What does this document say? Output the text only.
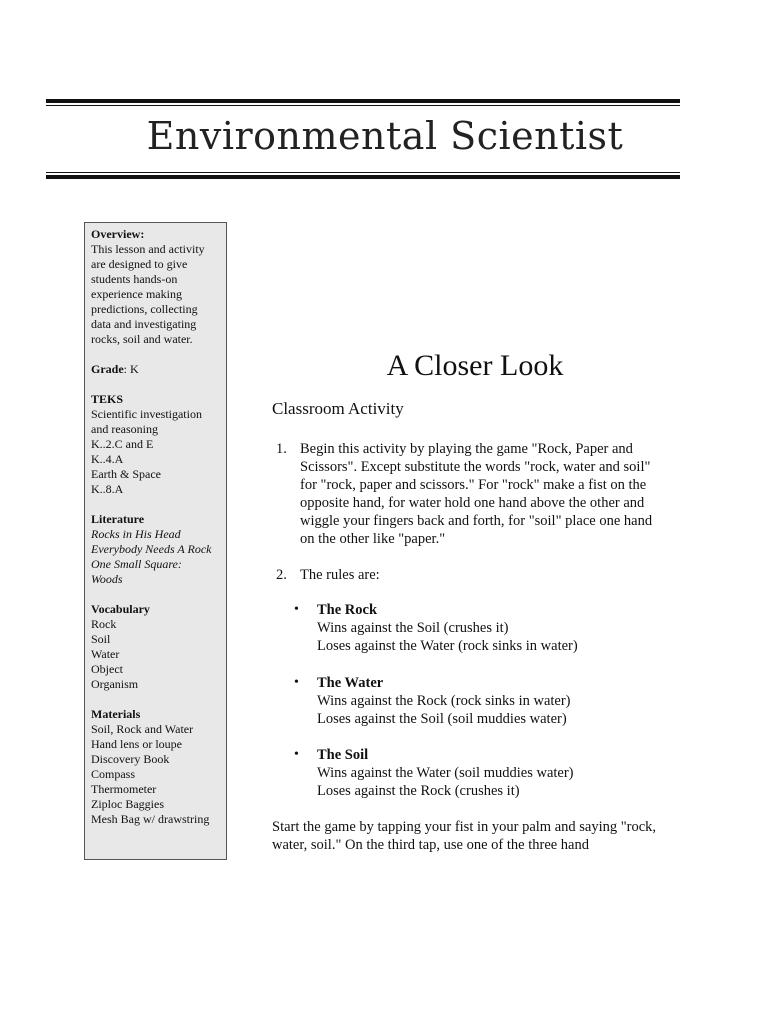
Environmental Scientist
Overview:
This lesson and activity
are designed to give
students hands-on
experience making
predictions, collecting
data and investigating
rocks, soil and water.
Grade: K
TEKS
Scientific investigation
and reasoning
K..2.C and E
K..4.A
Earth & Space
K..8.A
Literature
Rocks in His Head
Everybody Needs A Rock
One Small Square:
Woods
Vocabulary
Rock
Soil
Water
Object
Organism
Materials
Soil, Rock and Water
Hand lens or loupe
Discovery Book
Compass
Thermometer
Ziploc Baggies
Mesh Bag w/ drawstring
A Closer Look
Classroom Activity
1. Begin this activity by playing the game "Rock, Paper and
Scissors". Except substitute the words "rock, water and soil"
for "rock, paper and scissors." For "rock" make a fist on the
opposite hand, for water hold one hand above the other and
wiggle your fingers back and forth, for "soil" place one hand
on the other like "paper."
2. The rules are:
• The Rock
Wins against the Soil (crushes it)
Loses against the Water (rock sinks in water)
• The Water
Wins against the Rock (rock sinks in water)
Loses against the Soil (soil muddies water)
• The Soil
Wins against the Water (soil muddies water)
Loses against the Rock (crushes it)
Start the game by tapping your fist in your palm and saying "rock,
water, soil." On the third tap, use one of the three hand
